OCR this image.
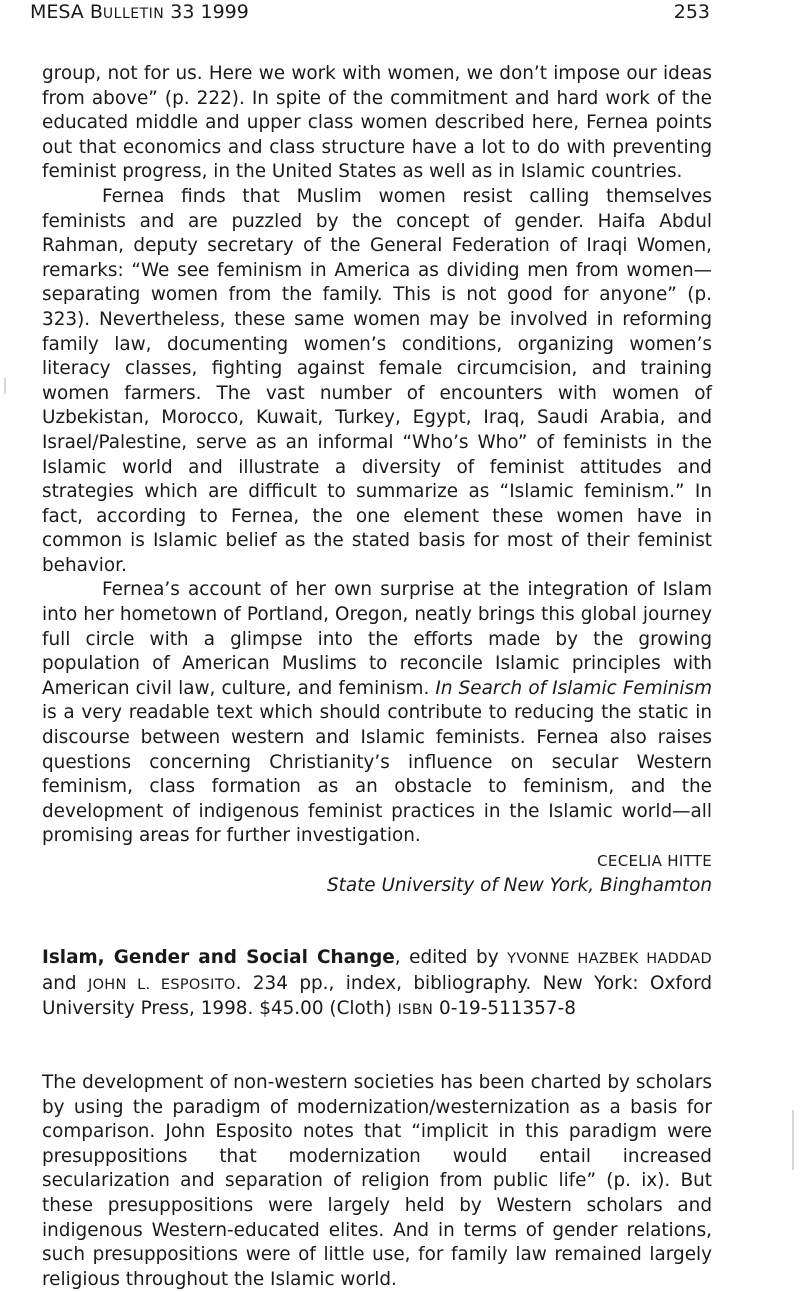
MESA BULLETIN 33 1999	253

group, not for us. Here we work with women, we don’t impose our ideas from above” (p. 222). In spite of the commitment and hard work of the educated middle and upper class women described here, Fernea points out that economics and class structure have a lot to do with preventing feminist progress, in the United States as well as in Islamic countries.

Fernea finds that Muslim women resist calling themselves feminists and are puzzled by the concept of gender. Haifa Abdul Rahman, deputy secretary of the General Federation of Iraqi Women, remarks: “We see feminism in America as dividing men from women—separating women from the family. This is not good for anyone” (p. 323). Nevertheless, these same women may be involved in reforming family law, documenting women’s conditions, organizing women’s literacy classes, fighting against female circumcision, and training women farmers. The vast number of encounters with women of Uzbekistan, Morocco, Kuwait, Turkey, Egypt, Iraq, Saudi Arabia, and Israel/Palestine, serve as an informal “Who’s Who” of feminists in the Islamic world and illustrate a diversity of feminist attitudes and strategies which are difficult to summarize as “Islamic feminism.” In fact, according to Fernea, the one element these women have in common is Islamic belief as the stated basis for most of their feminist behavior.

Fernea’s account of her own surprise at the integration of Islam into her hometown of Portland, Oregon, neatly brings this global journey full circle with a glimpse into the efforts made by the growing population of American Muslims to reconcile Islamic principles with American civil law, culture, and feminism. In Search of Islamic Feminism is a very readable text which should contribute to reducing the static in discourse between western and Islamic feminists. Fernea also raises questions concerning Christianity’s influence on secular Western feminism, class formation as an obstacle to feminism, and the development of indigenous feminist practices in the Islamic world—all promising areas for further investigation.

CECELIA HITTE

State University of New York, Binghamton

Islam, Gender and Social Change, edited by YVONNE HAZBEK HADDAD and JOHN L. ESPOSITO. 234 pp., index, bibliography. New York: Oxford University Press, 1998. $45.00 (Cloth) ISBN 0-19-511357-8

The development of non-western societies has been charted by scholars by using the paradigm of modernization/westernization as a basis for comparison. John Esposito notes that “implicit in this paradigm were presuppositions that modernization would entail increased secularization and separation of religion from public life” (p. ix). But these presuppositions were largely held by Western scholars and indigenous Western-educated elites. And in terms of gender relations, such presuppositions were of little use, for family law remained largely religious throughout the Islamic world.
